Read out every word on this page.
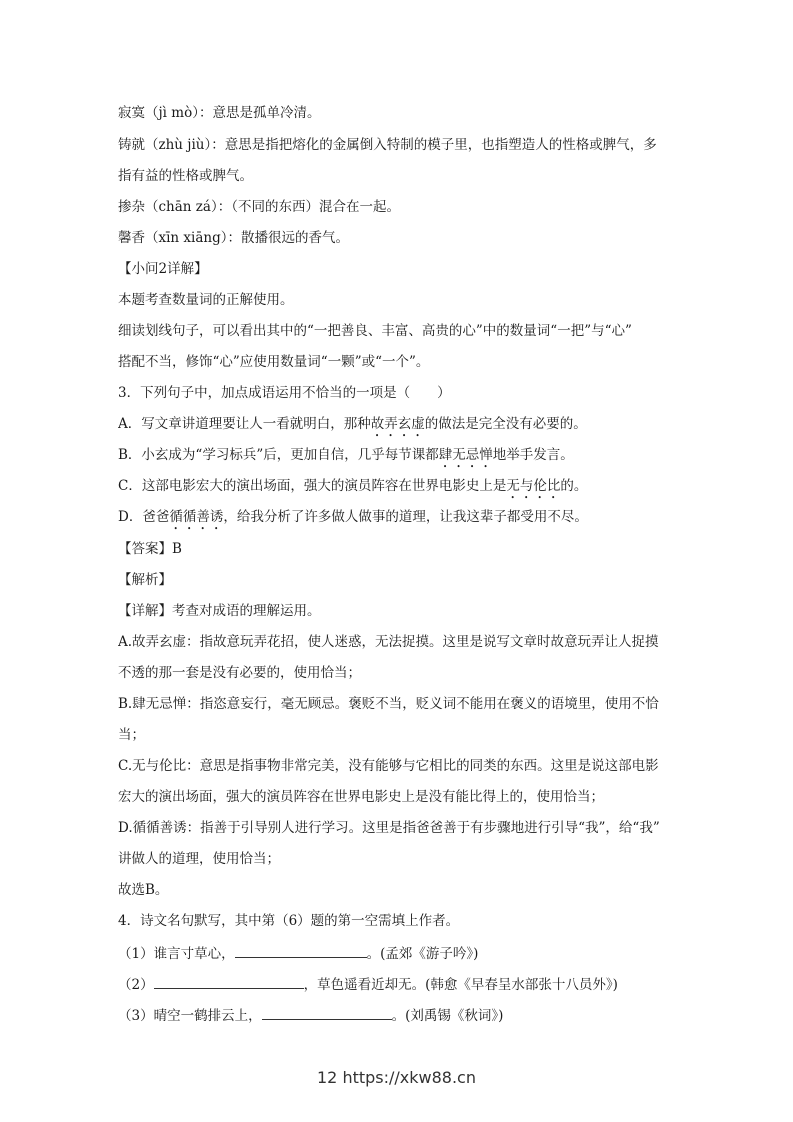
寂寞（jì mò）：意思是孤单冷清。
铸就（zhù jiù）：意思是指把熔化的金属倒入特制的模子里，也指塑造人的性格或脾气，多
指有益的性格或脾气。
掺杂（chān zá）：（不同的东西）混合在一起。
馨香（xīn xiāng）：散播很远的香气。
【小问2详解】
本题考查数量词的正解使用。
细读划线句子，可以看出其中的“一把善良、丰富、高贵的心”中的数量词“一把”与“心”
搭配不当，修饰“心”应使用数量词“一颗”或“一个”。
3．下列句子中，加点成语运用不恰当的一项是（　　）
A．写文章讲道理要让人一看就明白，那种故弄玄虚的做法是完全没有必要的。
B．小玄成为“学习标兵”后，更加自信，几乎每节课都肆无忌惮地举手发言。
C．这部电影宏大的演出场面，强大的演员阵容在世界电影史上是无与伦比的。
D．爸爸循循善诱，给我分析了许多做人做事的道理，让我这辈子都受用不尽。
【答案】B
【解析】
【详解】考查对成语的理解运用。
A.故弄玄虚：指故意玩弄花招，使人迷惑，无法捉摸。这里是说写文章时故意玩弄让人捉摸
不透的那一套是没有必要的，使用恰当；
B.肆无忌惮：指恣意妄行，毫无顾忌。褒贬不当，贬义词不能用在褒义的语境里，使用不恰
当；
C.无与伦比：意思是指事物非常完美，没有能够与它相比的同类的东西。这里是说这部电影
宏大的演出场面，强大的演员阵容在世界电影史上是没有能比得上的，使用恰当；
D.循循善诱：指善于引导别人进行学习。这里是指爸爸善于有步骤地进行引导“我”，给“我”
讲做人的道理，使用恰当；
故选B。
4．诗文名句默写，其中第（6）题的第一空需填上作者。
（1）谁言寸草心，	。(孟郊《游子吟》)
（2）	，草色遥看近却无。(韩愈《早春呈水部张十八员外》)
（3）晴空一鹤排云上，	。(刘禹锡《秋词》)
12 https://xkw88.cn
